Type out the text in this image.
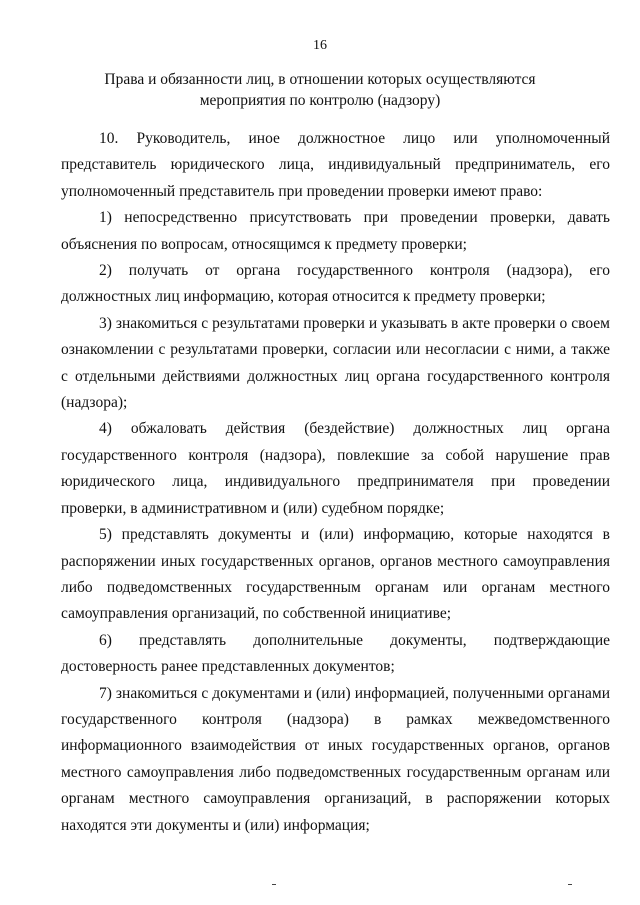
16
Права и обязанности лиц, в отношении которых осуществляются
мероприятия по контролю (надзору)

10. Руководитель, иное должностное лицо или уполномоченный представитель юридического лица, индивидуальный предприниматель, его уполномоченный представитель при проведении проверки имеют право:

1) непосредственно присутствовать при проведении проверки, давать объяснения по вопросам, относящимся к предмету проверки;

2) получать от органа государственного контроля (надзора), его должностных лиц информацию, которая относится к предмету проверки;

3) знакомиться с результатами проверки и указывать в акте проверки о своем ознакомлении с результатами проверки, согласии или несогласии с ними, а также с отдельными действиями должностных лиц органа государственного контроля (надзора);

4) обжаловать действия (бездействие) должностных лиц органа государственного контроля (надзора), повлекшие за собой нарушение прав юридического лица, индивидуального предпринимателя при проведении проверки, в административном и (или) судебном порядке;

5) представлять документы и (или) информацию, которые находятся в распоряжении иных государственных органов, органов местного самоуправления либо подведомственных государственным органам или органам местного самоуправления организаций, по собственной инициативе;

6) представлять дополнительные документы, подтверждающие достоверность ранее представленных документов;

7) знакомиться с документами и (или) информацией, полученными органами государственного контроля (надзора) в рамках межведомственного информационного взаимодействия от иных государственных органов, органов местного самоуправления либо подведомственных государственным органам или органам местного самоуправления организаций, в распоряжении которых находятся эти документы и (или) информация;
